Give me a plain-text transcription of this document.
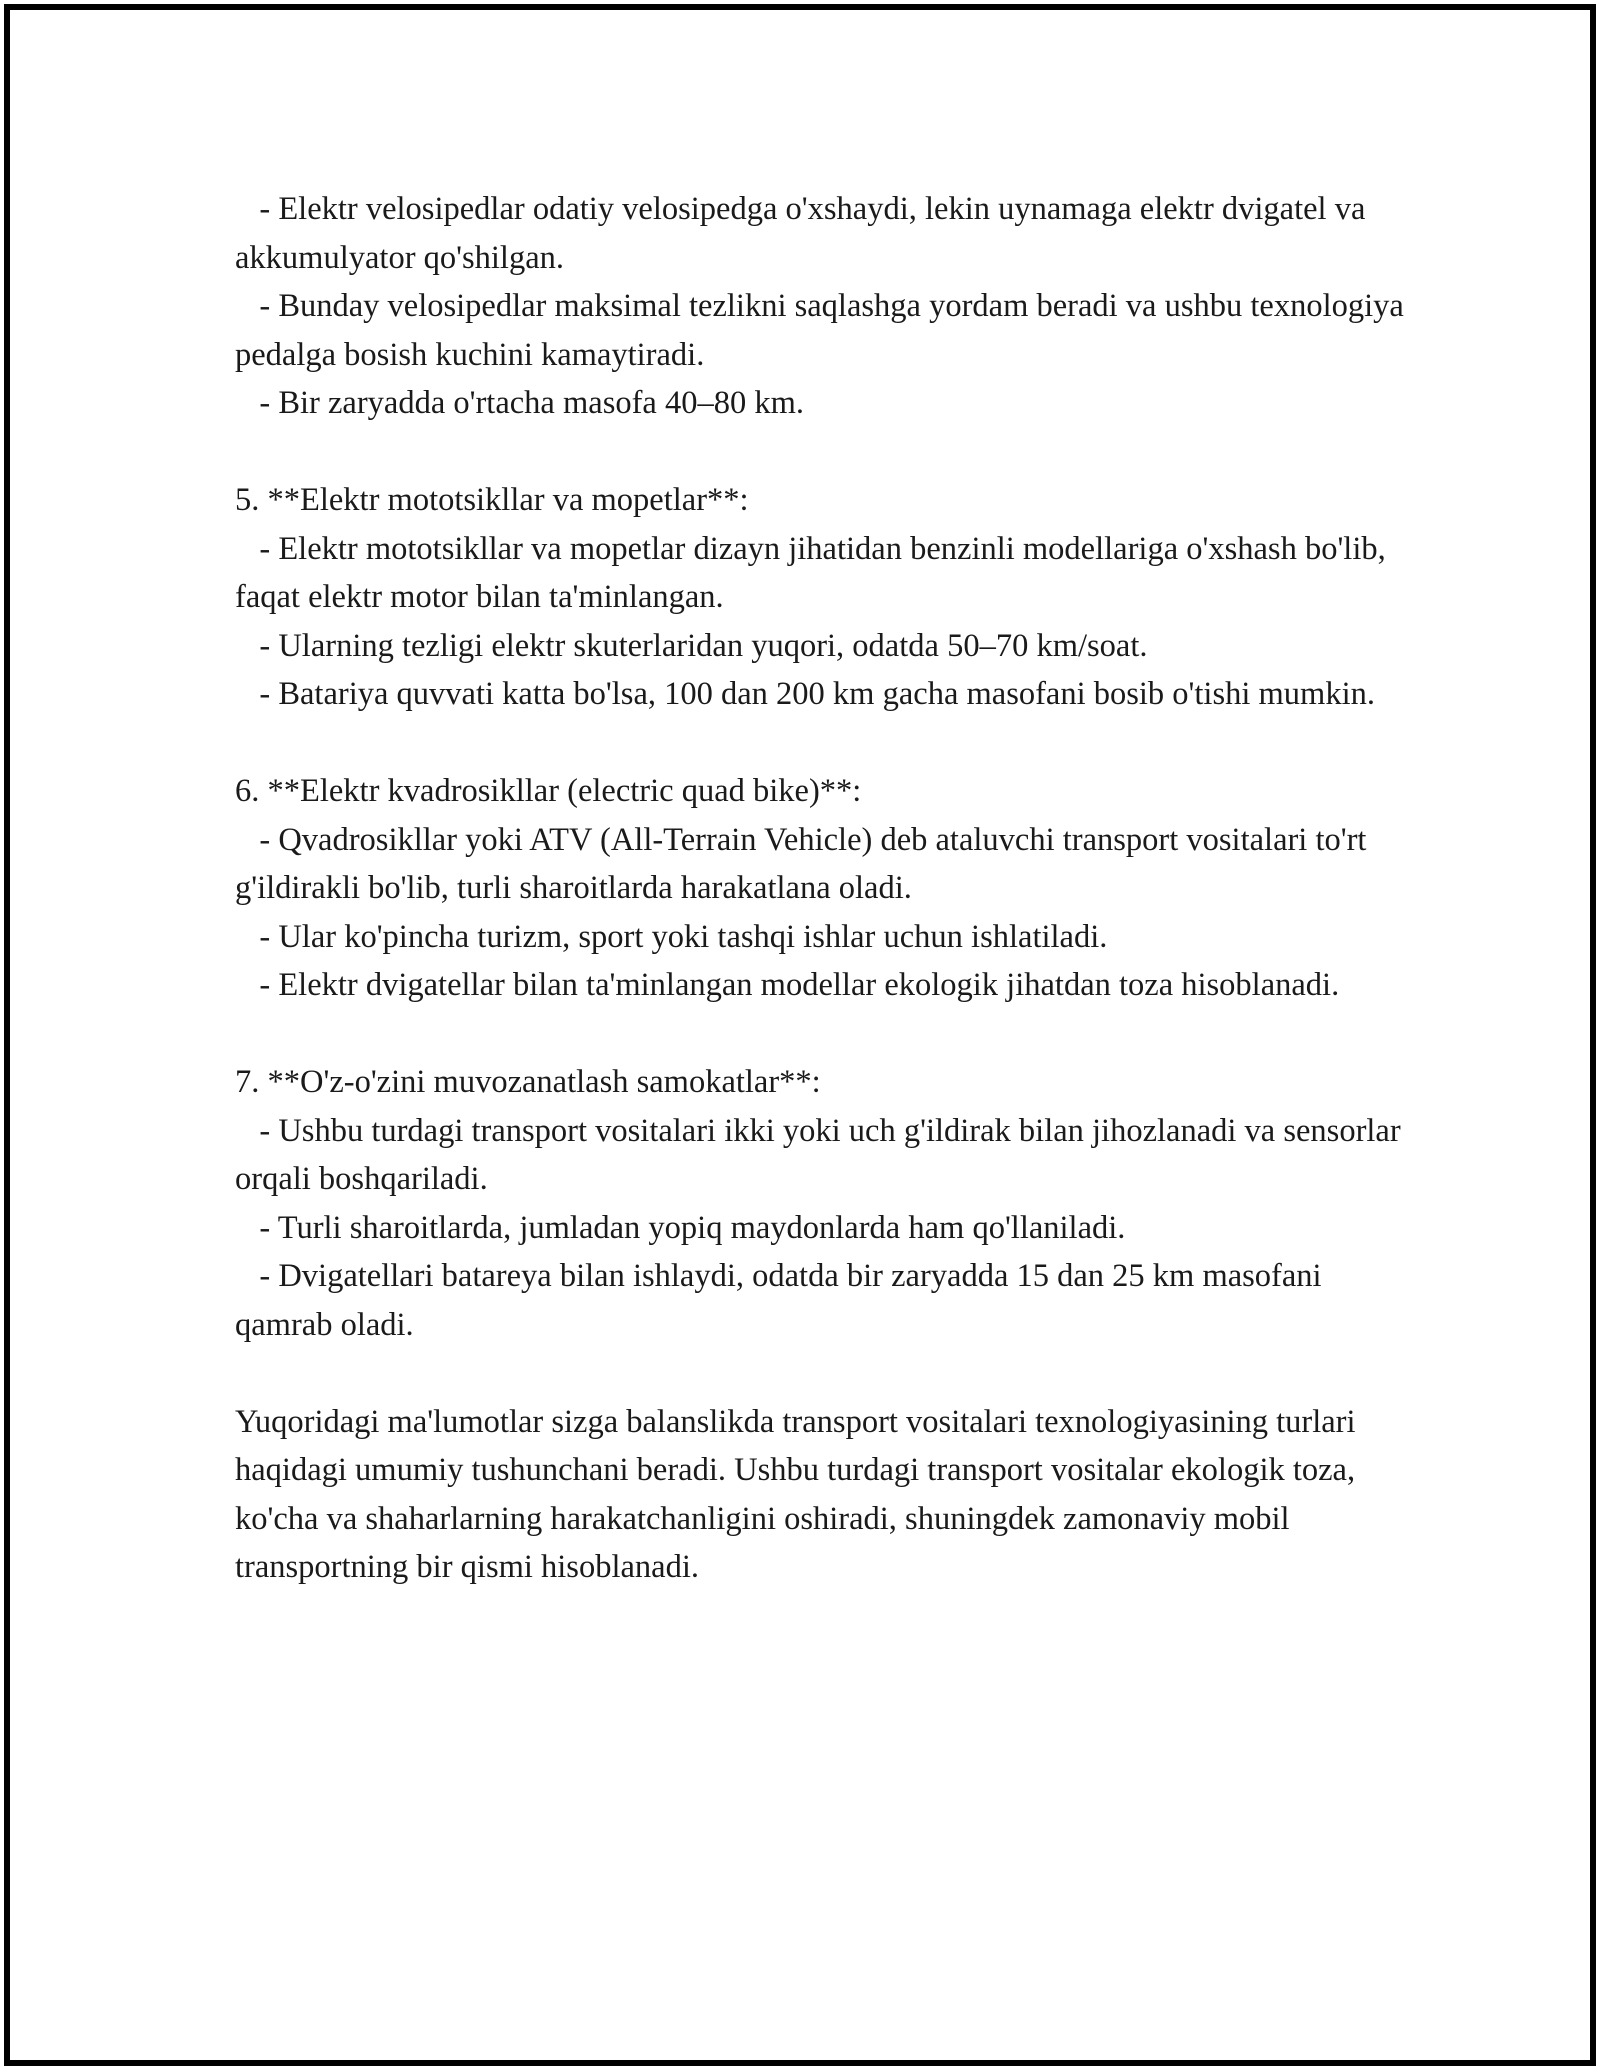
- Elektr velosipedlar odatiy velosipedga o'xshaydi, lekin uynamaga elektr dvigatel va akkumulyator qo'shilgan.

- Bunday velosipedlar maksimal tezlikni saqlashga yordam beradi va ushbu texnologiya pedalga bosish kuchini kamaytiradi.

- Bir zaryadda o'rtacha masofa 40–80 km.

5. **Elektr mototsikllar va mopetlar**:

- Elektr mototsikllar va mopetlar dizayn jihatidan benzinli modellariga o'xshash bo'lib, faqat elektr motor bilan ta'minlangan.

- Ularning tezligi elektr skuterlaridan yuqori, odatda 50–70 km/soat.

- Batariya quvvati katta bo'lsa, 100 dan 200 km gacha masofani bosib o'tishi mumkin.

6. **Elektr kvadrosikllar (electric quad bike)**:

- Qvadrosikllar yoki ATV (All-Terrain Vehicle) deb ataluvchi transport vositalari to'rt g'ildirakli bo'lib, turli sharoitlarda harakatlana oladi.

- Ular ko'pincha turizm, sport yoki tashqi ishlar uchun ishlatiladi.

- Elektr dvigatellar bilan ta'minlangan modellar ekologik jihatdan toza hisoblanadi.

7. **O'z-o'zini muvozanatlash samokatlar**:

- Ushbu turdagi transport vositalari ikki yoki uch g'ildirak bilan jihozlanadi va sensorlar orqali boshqariladi.

- Turli sharoitlarda, jumladan yopiq maydonlarda ham qo'llaniladi.

- Dvigatellari batareya bilan ishlaydi, odatda bir zaryadda 15 dan 25 km masofani qamrab oladi.

Yuqoridagi ma'lumotlar sizga balanslikda transport vositalari texnologiyasining turlari haqidagi umumiy tushunchani beradi. Ushbu turdagi transport vositalar ekologik toza, ko'cha va shaharlarning harakatchanligini oshiradi, shuningdek zamonaviy mobil transportning bir qismi hisoblanadi.
